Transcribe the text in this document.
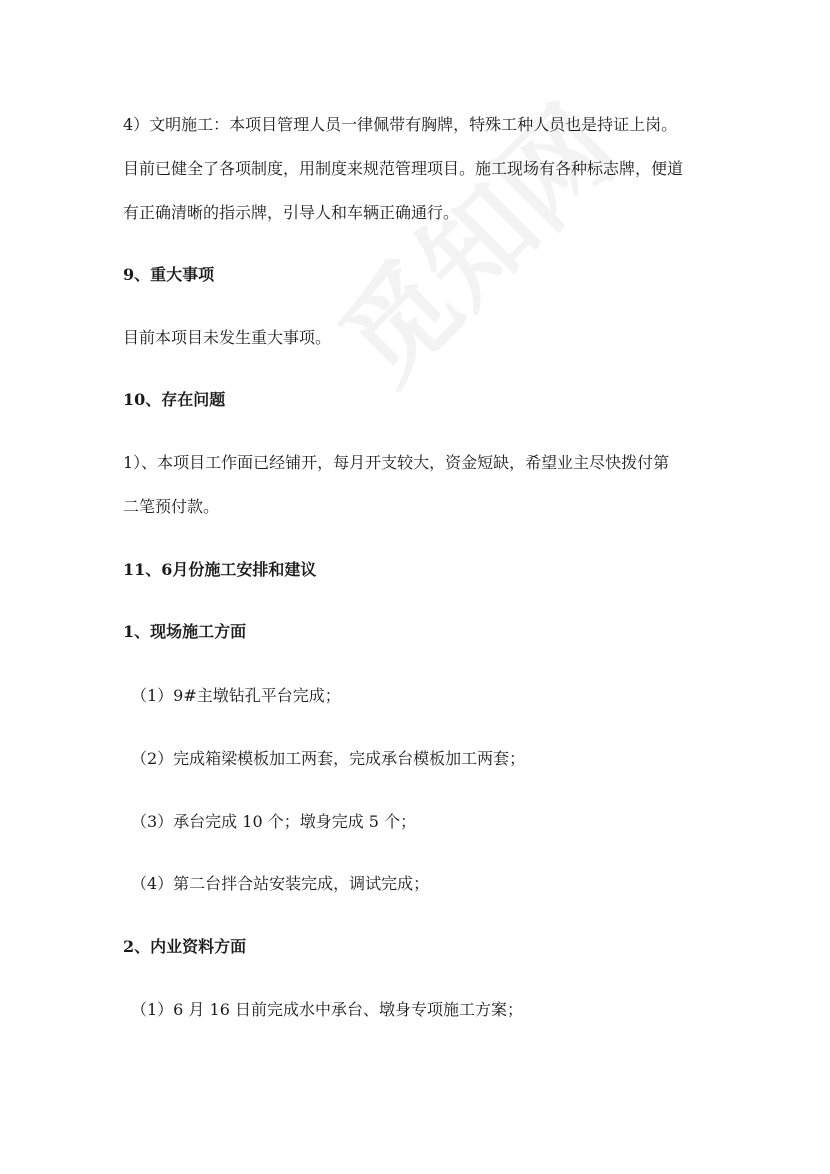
4）文明施工：本项目管理人员一律佩带有胸牌，特殊工种人员也是持证上岗。
目前已健全了各项制度，用制度来规范管理项目。施工现场有各种标志牌，便道
有正确清晰的指示牌，引导人和车辆正确通行。
9、重大事项
目前本项目未发生重大事项。
10、存在问题
1）、本项目工作面已经铺开，每月开支较大，资金短缺，希望业主尽快拨付第
二笔预付款。
11、6月份施工安排和建议
1、现场施工方面
（1）9#主墩钻孔平台完成；
（2）完成箱梁模板加工两套，完成承台模板加工两套；
（3）承台完成 10 个；墩身完成 5 个；
（4）第二台拌合站安装完成，调试完成；
2、内业资料方面
（1）6 月 16 日前完成水中承台、墩身专项施工方案；
